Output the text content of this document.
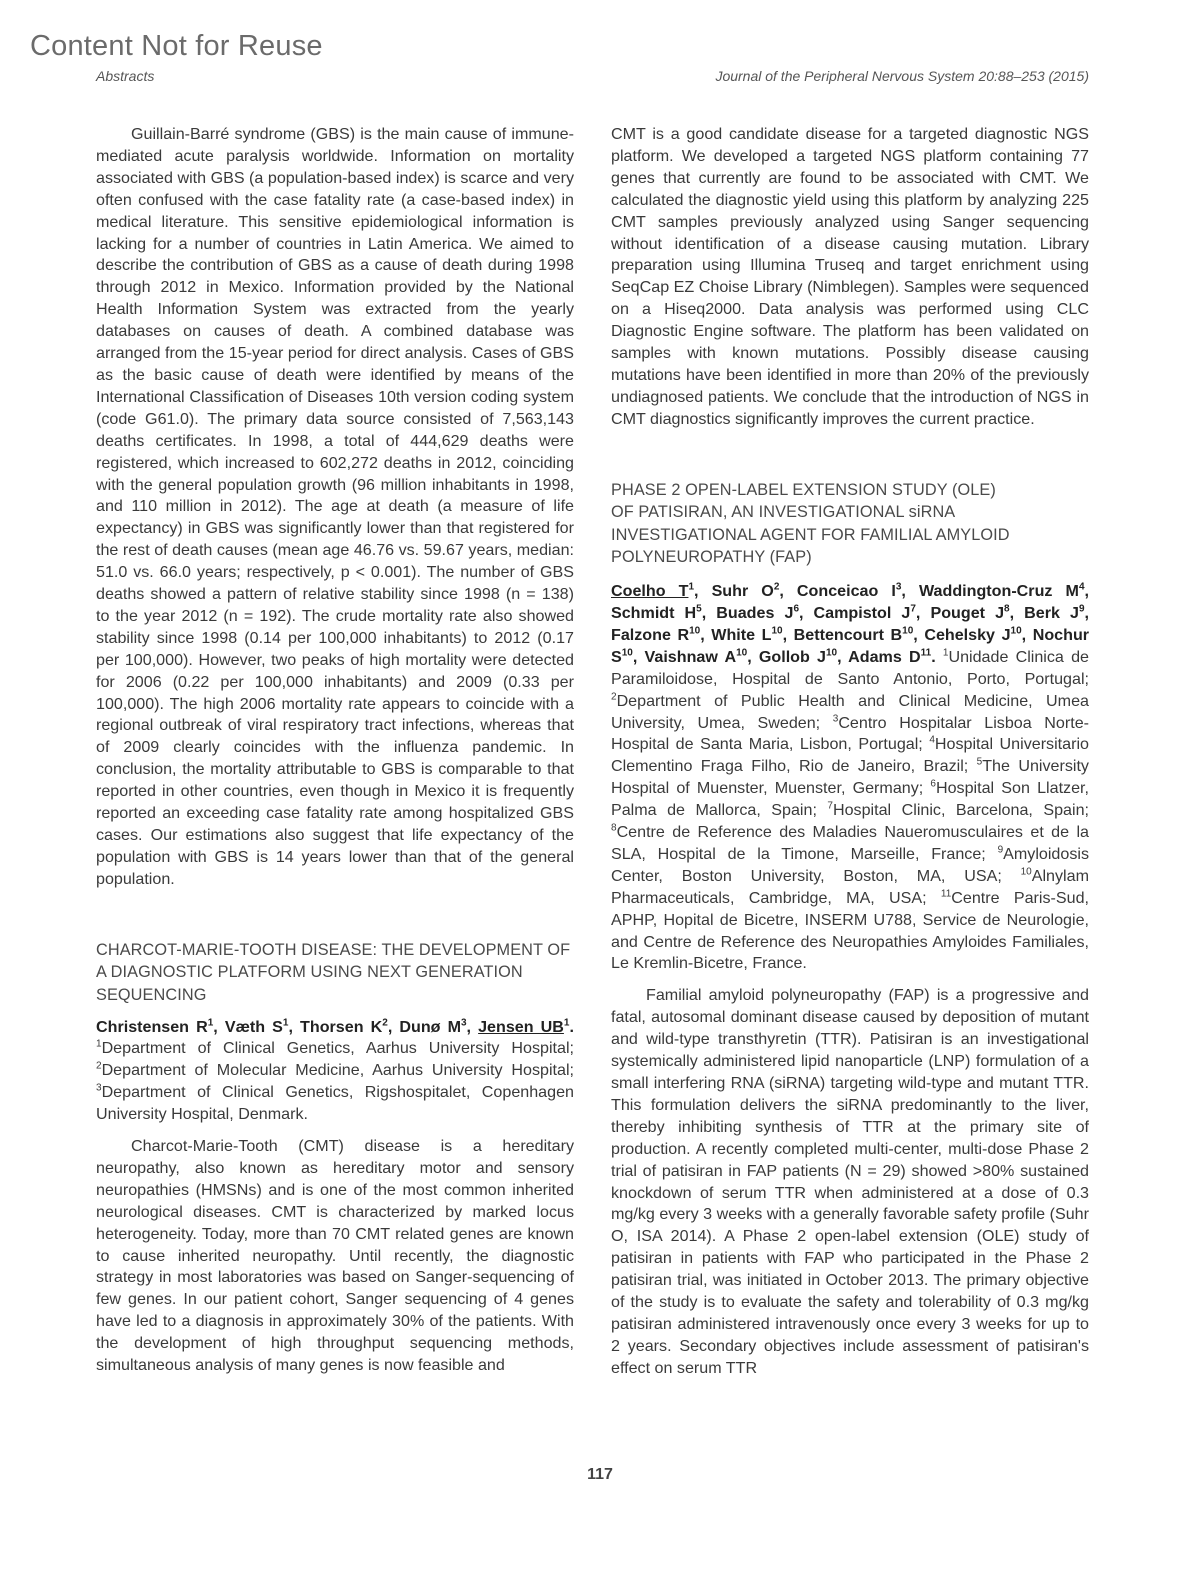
Content Not for Reuse
Abstracts	Journal of the Peripheral Nervous System 20:88–253 (2015)

Guillain-Barré syndrome (GBS) is the main cause of immune-mediated acute paralysis worldwide. Information on mortality associated with GBS (a population-based index) is scarce and very often confused with the case fatality rate (a case-based index) in medical literature. This sensitive epidemiological information is lacking for a number of countries in Latin America. We aimed to describe the contribution of GBS as a cause of death during 1998 through 2012 in Mexico. Information provided by the National Health Information System was extracted from the yearly databases on causes of death. A combined database was arranged from the 15-year period for direct analysis. Cases of GBS as the basic cause of death were identified by means of the International Classification of Diseases 10th version coding system (code G61.0). The primary data source consisted of 7,563,143 deaths certificates. In 1998, a total of 444,629 deaths were registered, which increased to 602,272 deaths in 2012, coinciding with the general population growth (96 million inhabitants in 1998, and 110 million in 2012). The age at death (a measure of life expectancy) in GBS was significantly lower than that registered for the rest of death causes (mean age 46.76 vs. 59.67 years, median: 51.0 vs. 66.0 years; respectively, p < 0.001). The number of GBS deaths showed a pattern of relative stability since 1998 (n = 138) to the year 2012 (n = 192). The crude mortality rate also showed stability since 1998 (0.14 per 100,000 inhabitants) to 2012 (0.17 per 100,000). However, two peaks of high mortality were detected for 2006 (0.22 per 100,000 inhabitants) and 2009 (0.33 per 100,000). The high 2006 mortality rate appears to coincide with a regional outbreak of viral respiratory tract infections, whereas that of 2009 clearly coincides with the influenza pandemic. In conclusion, the mortality attributable to GBS is comparable to that reported in other countries, even though in Mexico it is frequently reported an exceeding case fatality rate among hospitalized GBS cases. Our estimations also suggest that life expectancy of the population with GBS is 14 years lower than that of the general population.

CHARCOT-MARIE-TOOTH DISEASE: THE DEVELOPMENT OF A DIAGNOSTIC PLATFORM USING NEXT GENERATION SEQUENCING

Christensen $R^1$, Væth $S^1$, Thorsen $K^2$, Dunø $M^3$, Jensen $UB^1$. $^1$Department of Clinical Genetics, Aarhus University Hospital; $^2$Department of Molecular Medicine, Aarhus University Hospital; $^3$Department of Clinical Genetics, Rigshospitalet, Copenhagen University Hospital, Denmark.

Charcot-Marie-Tooth (CMT) disease is a hereditary neuropathy, also known as hereditary motor and sensory neuropathies (HMSNs) and is one of the most common inherited neurological diseases. CMT is characterized by marked locus heterogeneity. Today, more than 70 CMT related genes are known to cause inherited neuropathy. Until recently, the diagnostic strategy in most laboratories was based on Sanger-sequencing of few genes. In our patient cohort, Sanger sequencing of 4 genes have led to a diagnosis in approximately 30% of the patients. With the development of high throughput sequencing methods, simultaneous analysis of many genes is now feasible and

CMT is a good candidate disease for a targeted diagnostic NGS platform. We developed a targeted NGS platform containing 77 genes that currently are found to be associated with CMT. We calculated the diagnostic yield using this platform by analyzing 225 CMT samples previously analyzed using Sanger sequencing without identification of a disease causing mutation. Library preparation using Illumina Truseq and target enrichment using SeqCap EZ Choise Library (Nimblegen). Samples were sequenced on a Hiseq2000. Data analysis was performed using CLC Diagnostic Engine software. The platform has been validated on samples with known mutations. Possibly disease causing mutations have been identified in more than 20% of the previously undiagnosed patients. We conclude that the introduction of NGS in CMT diagnostics significantly improves the current practice.

PHASE 2 OPEN-LABEL EXTENSION STUDY (OLE)
OF PATISIRAN, AN INVESTIGATIONAL siRNA
INVESTIGATIONAL AGENT FOR FAMILIAL AMYLOID
POLYNEUROPATHY (FAP)

Coelho $T^1$, Suhr $O^2$, Conceicao $I^3$, Waddington-Cruz $M^4$, Schmidt $H^5$, Buades $J^6$, Campistol $J^7$, Pouget $J^8$, Berk $J^9$, Falzone $R^{10}$, White $L^{10}$, Bettencourt $B^{10}$, Cehelsky $J^{10}$, Nochur $S^{10}$, Vaishnaw $A^{10}$, Gollob $J^{10}$, Adams $D^{11}$. $^1$Unidade Clinica de Paramiloidose, Hospital de Santo Antonio, Porto, Portugal; $^2$Department of Public Health and Clinical Medicine, Umea University, Umea, Sweden; $^3$Centro Hospitalar Lisboa Norte-Hospital de Santa Maria, Lisbon, Portugal; $^4$Hospital Universitario Clementino Fraga Filho, Rio de Janeiro, Brazil; $^5$The University Hospital of Muenster, Muenster, Germany; $^6$Hospital Son Llatzer, Palma de Mallorca, Spain; $^7$Hospital Clinic, Barcelona, Spain; $^8$Centre de Reference des Maladies Naueromusculaires et de la SLA, Hospital de la Timone, Marseille, France; $^9$Amyloidosis Center, Boston University, Boston, MA, USA; $^{10}$Alnylam Pharmaceuticals, Cambridge, MA, USA; $^{11}$Centre Paris-Sud, APHP, Hopital de Bicetre, INSERM U788, Service de Neurologie, and Centre de Reference des Neuropathies Amyloides Familiales, Le Kremlin-Bicetre, France.

Familial amyloid polyneuropathy (FAP) is a progressive and fatal, autosomal dominant disease caused by deposition of mutant and wild-type transthyretin (TTR). Patisiran is an investigational systemically administered lipid nanoparticle (LNP) formulation of a small interfering RNA (siRNA) targeting wild-type and mutant TTR. This formulation delivers the siRNA predominantly to the liver, thereby inhibiting synthesis of TTR at the primary site of production. A recently completed multi-center, multi-dose Phase 2 trial of patisiran in FAP patients (N = 29) showed >80% sustained knockdown of serum TTR when administered at a dose of 0.3 mg/kg every 3 weeks with a generally favorable safety profile (Suhr O, ISA 2014). A Phase 2 open-label extension (OLE) study of patisiran in patients with FAP who participated in the Phase 2 patisiran trial, was initiated in October 2013. The primary objective of the study is to evaluate the safety and tolerability of 0.3 mg/kg patisiran administered intravenously once every 3 weeks for up to 2 years. Secondary objectives include assessment of patisiran's effect on serum TTR

117
